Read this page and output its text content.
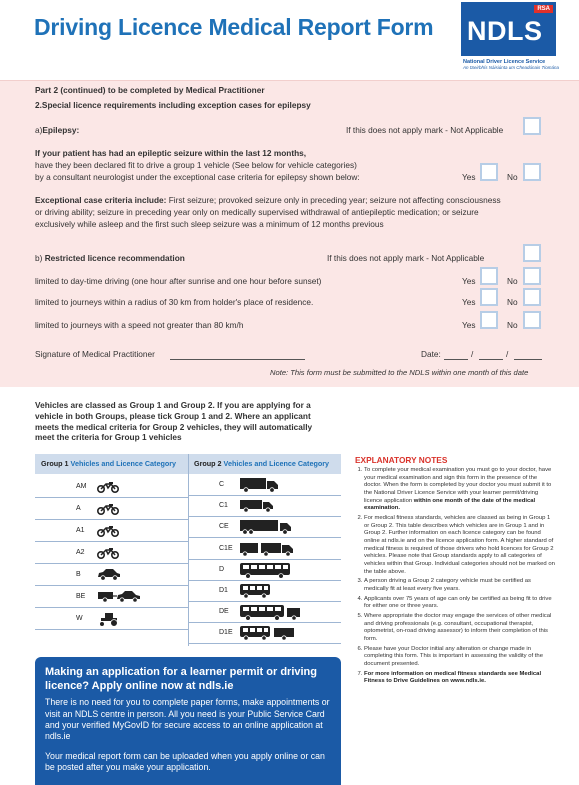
Driving Licence Medical Report Form
RSA
NDLS
National Driver Licence Service
An tSeirbhís Náisiúnta um Cheadúnais Tiomána
Part 2 (continued) to be completed by Medical Practitioner
2.Special licence requirements including exception cases for epilepsy
a)Epilepsy:	If this does not apply mark - Not Applicable
If your patient has had an epileptic seizure within the last 12 months,
have they been declared fit to drive a group 1 vehicle (See below for vehicle categories)
by a consultant neurologist under the exceptional case criteria for epilepsy shown below:	Yes	No
Exceptional case criteria include: First seizure; provoked seizure only in preceding year; seizure not affecting consciousness
or driving ability; seizure in preceding year only on medically supervised withdrawal of antiepileptic medication; or seizure
exclusively while asleep and the first such sleep seizure was a minimum of 12 months previous
b) Restricted licence recommendation	If this does not apply mark - Not Applicable
limited to day-time driving (one hour after sunrise and one hour before sunset)	Yes	No
limited to journeys within a radius of 30 km from holder's place of residence.	Yes	No
limited to journeys with a speed not greater than 80 km/h	Yes	No
Signature of Medical Practitioner	Date:	/	/
Note: This form must be submitted to the NDLS within one month of this date
Vehicles are classed as Group 1 and Group 2. If you are applying for a vehicle in both Groups, please tick Group 1 and 2. Where an applicant meets the medical criteria for Group 2 vehicles, they will automatically meet the criteria for Group 1 vehicles
Group 1 Vehicles and Licence Category Group 2 Vehicles and Licence Category
AM
A
A1
A2
B
BE
W
C
C1
CE
C1E
D
D1
DE
D1E
Making an application for a learner permit or driving licence? Apply online now at ndls.ie
There is no need for you to complete paper forms, make appointments or visit an NDLS centre in person. All you need is your Public Service Card and your verified MyGovID for secure access to an online application at ndls.ie
Your medical report form can be uploaded when you apply online or can be posted after you make your application.
EXPLANATORY NOTES
1. To complete your medical examination you must go to your doctor, have your medical examination and sign this form in the presence of the doctor. When the form is completed by your doctor you must submit it to the National Driver Licence Service with your learner permit/driving licence application within one month of the date of the medical examination.
2. For medical fitness standards, vehicles are classed as being in Group 1 or Group 2. This table describes which vehicles are in Group 1 and in Group 2. Further information on each licence category can be found online at ndls.ie and on the licence application form. A higher standard of medical fitness is required of those drivers who hold licences for Group 2 vehicles. Please note that Group standards apply to all categories of vehicles within that Group. Individual categories should not be marked on the table above.
3. A person driving a Group 2 category vehicle must be certified as medically fit at least every five years.
4. Applicants over 75 years of age can only be certified as being fit to drive for either one or three years.
5. Where appropriate the doctor may engage the services of other medical and driving professionals (e.g. consultant, occupational therapist, optometrist, on-road driving assessor) to inform their completion of this form.
6. Please have your Doctor initial any alteration or change made in completing this form. This is important in assessing the validity of the document presented.
7. For more information on medical fitness standards see Medical Fitness to Drive Guidelines on www.ndls.ie.
